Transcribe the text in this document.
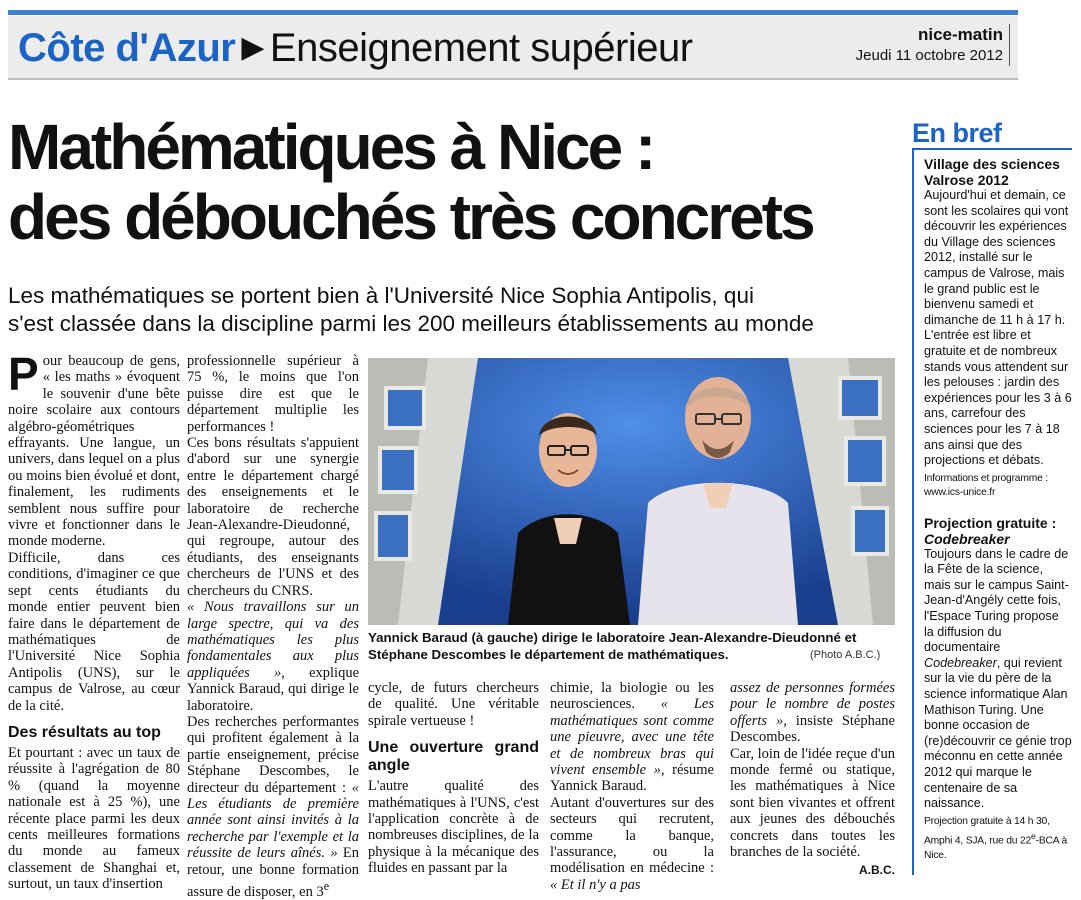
Côte d'Azur ▶ Enseignement supérieur	nice-matin
Jeudi 11 octobre 2012
Mathématiques à Nice :
des débouchés très concrets
Les mathématiques se portent bien à l'Université Nice Sophia Antipolis, qui
s'est classée dans la discipline parmi les 200 meilleurs établissements au monde

Pour beaucoup de gens, « les maths » évoquent le souvenir d'une bête noire scolaire aux contours algébro-géométriques effrayants. Une langue, un univers, dans lequel on a plus ou moins bien évolué et dont, finalement, les rudiments semblent nous suffire pour vivre et fonctionner dans le monde moderne.

Difficile, dans ces conditions, d'imaginer ce que sept cents étudiants du monde entier peuvent bien faire dans le département de mathématiques de l'Université Nice Sophia Antipolis (UNS), sur le campus de Valrose, au cœur de la cité.

Des résultats au top

Et pourtant : avec un taux de réussite à l'agrégation de 80 % (quand la moyenne nationale est à 25 %), une récente place parmi les deux cents meilleures formations du monde au fameux classement de Shanghai et, surtout, un taux d'insertion

professionnelle supérieur à 75 %, le moins que l'on puisse dire est que le département multiplie les performances !

Ces bons résultats s'appuient d'abord sur une synergie entre le département chargé des enseignements et le laboratoire de recherche Jean-Alexandre-Dieudonné, qui regroupe, autour des étudiants, des enseignants chercheurs de l'UNS et des chercheurs du CNRS.

« Nous travaillons sur un large spectre, qui va des mathématiques les plus fondamentales aux plus appliquées », explique Yannick Baraud, qui dirige le laboratoire.

Des recherches performantes qui profitent également à la partie enseignement, précise Stéphane Descombes, le directeur du département : « Les étudiants de première année sont ainsi invités à la recherche par l'exemple et la réussite de leurs aînés. » En retour, une bonne formation assure de disposer, en 3e

Yannick Baraud (à gauche) dirige le laboratoire Jean-Alexandre-Dieudonné et Stéphane Descombes le département de mathématiques.	(Photo A.B.C.)

cycle, de futurs chercheurs de qualité. Une véritable spirale vertueuse !

Une ouverture grand angle

L'autre qualité des mathématiques à l'UNS, c'est l'application concrète à de nombreuses disciplines, de la physique à la mécanique des fluides en passant par la

chimie, la biologie ou les neurosciences. « Les mathématiques sont comme une pieuvre, avec une tête et de nombreux bras qui vivent ensemble », résume Yannick Baraud.

Autant d'ouvertures sur des secteurs qui recrutent, comme la banque, l'assurance, ou la modélisation en médecine : « Et il n'y a pas

assez de personnes formées pour le nombre de postes offerts », insiste Stéphane Descombes.

Car, loin de l'idée reçue d'un monde fermé ou statique, les mathématiques à Nice sont bien vivantes et offrent aux jeunes des débouchés concrets dans toutes les branches de la société.

A.B.C.
En bref
Village des sciences Valrose 2012

Aujourd'hui et demain, ce sont les scolaires qui vont découvrir les expériences du Village des sciences 2012, installé sur le campus de Valrose, mais le grand public est le bienvenu samedi et dimanche de 11 h à 17 h. L'entrée est libre et gratuite et de nombreux stands vous attendent sur les pelouses : jardin des expériences pour les 3 à 6 ans, carrefour des sciences pour les 7 à 18 ans ainsi que des projections et débats.

Informations et programme : www.ics-unice.fr

Projection gratuite :
Codebreaker

Toujours dans le cadre de la Fête de la science, mais sur le campus Saint-Jean-d'Angély cette fois, l'Espace Turing propose la diffusion du documentaire Codebreaker, qui revient sur la vie du père de la science informatique Alan Mathison Turing. Une bonne occasion de (re)découvrir ce génie trop méconnu en cette année 2012 qui marque le centenaire de sa naissance.

Projection gratuite à 14 h 30, Amphi 4, SJA, rue du 22e-BCA à Nice.
